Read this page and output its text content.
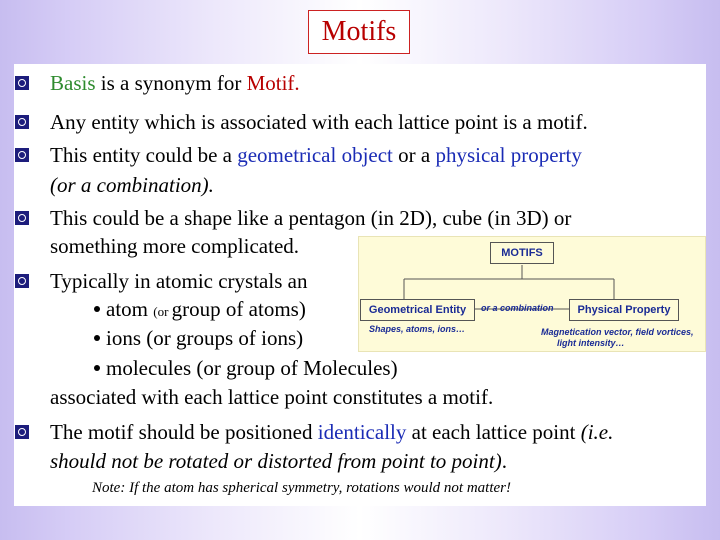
Motifs
Basis is a synonym for Motif.
Any entity which is associated with each lattice point is a motif.
This entity could be a geometrical object or a physical property
(or a combination).
This could be a shape like a pentagon (in 2D), cube (in 3D) or
something more complicated.
Typically in atomic crystals an
atom (or group of atoms)
ions (or groups of ions)
molecules (or group of Molecules)
associated with each lattice point constitutes a motif.
The motif should be positioned identically at each lattice point (i.e.
should not be rotated or distorted from point to point).
MOTIFS
Geometrical Entity	or a combination	Physical Property
Shapes, atoms, ions…	Magnetication vector, field vortices,
light intensity…
Note: If the atom has spherical symmetry, rotations would not matter!
